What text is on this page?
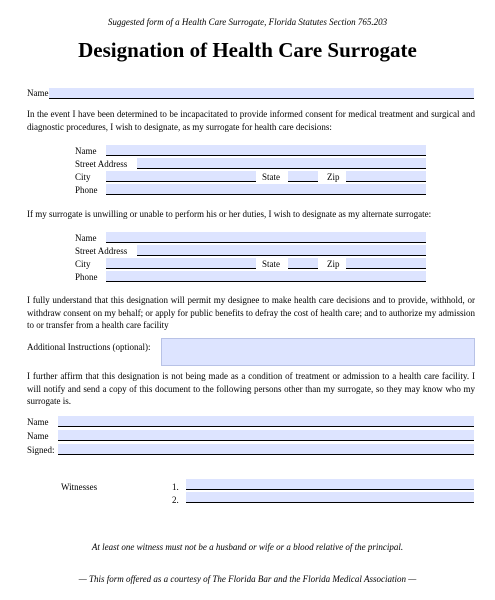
Suggested form of a Health Care Surrogate, Florida Statutes Section 765.203
Designation of Health Care Surrogate
Name
In the event I have been determined to be incapacitated to provide informed consent for medical treatment and surgical and diagnostic procedures, I wish to designate, as my surrogate for health care decisions:
Name
Street Address
City	State	Zip
Phone
If my surrogate is unwilling or unable to perform his or her duties, I wish to designate as my alternate surrogate:
Name
Street Address
City	State	Zip
Phone
I fully understand that this designation will permit my designee to make health care decisions and to provide, withhold, or withdraw consent on my behalf; or apply for public benefits to defray the cost of health care; and to authorize my admission to or transfer from a health care facility
Additional Instructions (optional):
I further affirm that this designation is not being made as a condition of treatment or admission to a health care facility. I will notify and send a copy of this document to the following persons other than my surrogate, so they may know who my surrogate is.
Name
Name
Signed:
Witnesses	1.
2.
At least one witness must not be a husband or wife or a blood relative of the principal.
— This form offered as a courtesy of The Florida Bar and the Florida Medical Association —
